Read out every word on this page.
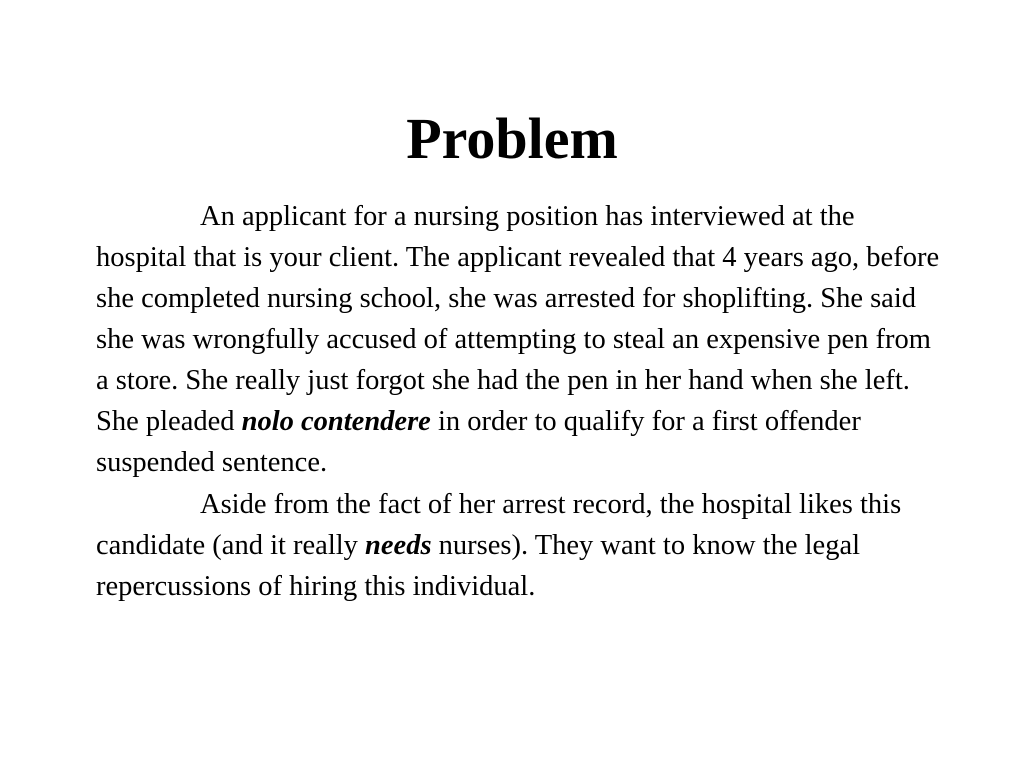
Problem

An applicant for a nursing position has interviewed at the hospital that is your client. The applicant revealed that 4 years ago, before she completed nursing school, she was arrested for shoplifting. She said she was wrongfully accused of attempting to steal an expensive pen from a store. She really just forgot she had the pen in her hand when she left. She pleaded nolo contendere in order to qualify for a first offender suspended sentence.

Aside from the fact of her arrest record, the hospital likes this candidate (and it really needs nurses). They want to know the legal repercussions of hiring this individual.
